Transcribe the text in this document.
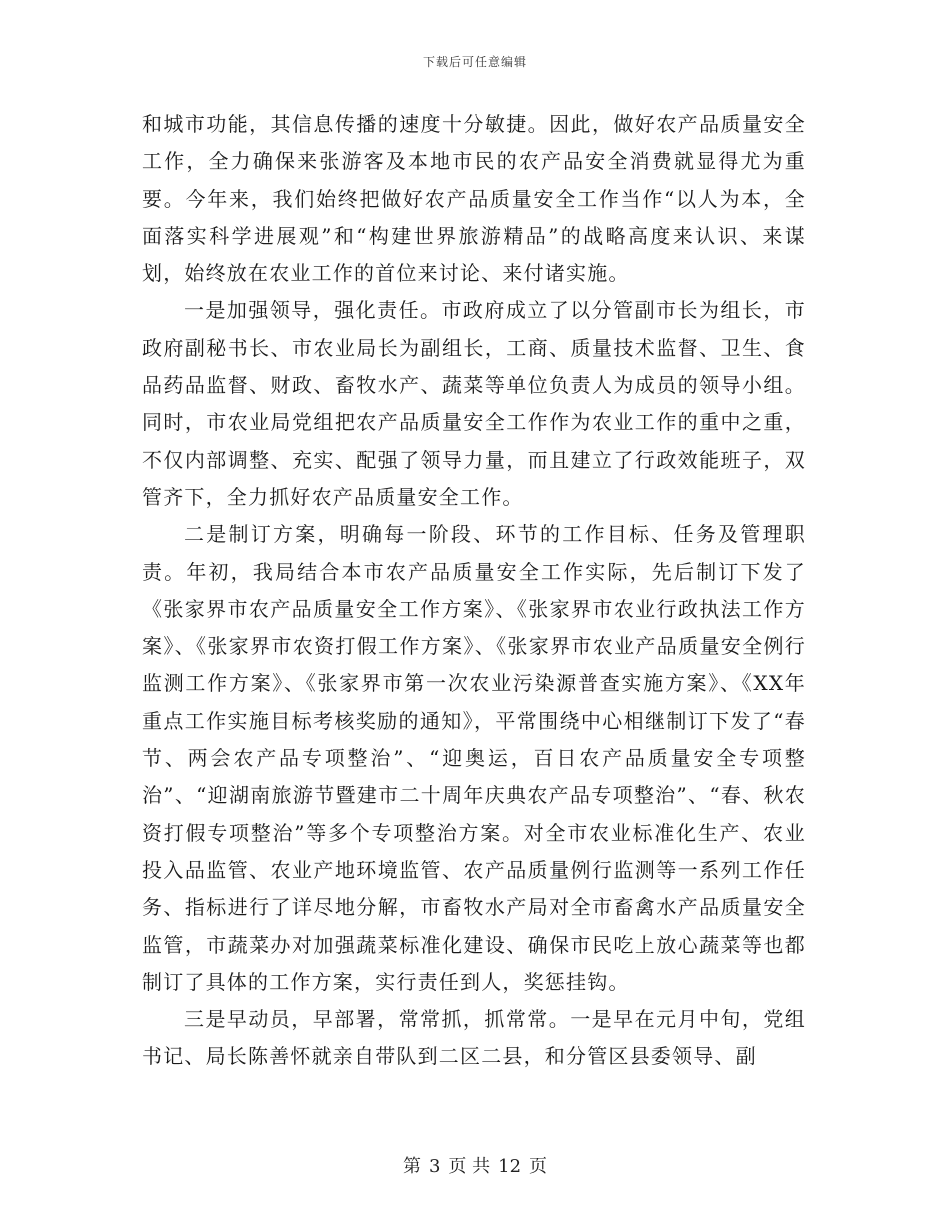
下载后可任意编辑

和城市功能，其信息传播的速度十分敏捷。因此，做好农产品质量安全工作，全力确保来张游客及本地市民的农产品安全消费就显得尤为重要。今年来，我们始终把做好农产品质量安全工作当作“以人为本，全面落实科学进展观”和“构建世界旅游精品”的战略高度来认识、来谋划，始终放在农业工作的首位来讨论、来付诸实施。

一是加强领导，强化责任。市政府成立了以分管副市长为组长，市政府副秘书长、市农业局长为副组长，工商、质量技术监督、卫生、食品药品监督、财政、畜牧水产、蔬菜等单位负责人为成员的领导小组。同时，市农业局党组把农产品质量安全工作作为农业工作的重中之重，不仅内部调整、充实、配强了领导力量，而且建立了行政效能班子，双管齐下，全力抓好农产品质量安全工作。

二是制订方案，明确每一阶段、环节的工作目标、任务及管理职责。年初，我局结合本市农产品质量安全工作实际，先后制订下发了《张家界市农产品质量安全工作方案》、《张家界市农业行政执法工作方案》、《张家界市农资打假工作方案》、《张家界市农业产品质量安全例行监测工作方案》、《张家界市第一次农业污染源普查实施方案》、《XX年重点工作实施目标考核奖励的通知》，平常围绕中心相继制订下发了“春节、两会农产品专项整治”、“迎奥运，百日农产品质量安全专项整治”、“迎湖南旅游节暨建市二十周年庆典农产品专项整治”、“春、秋农资打假专项整治”等多个专项整治方案。对全市农业标准化生产、农业投入品监管、农业产地环境监管、农产品质量例行监测等一系列工作任务、指标进行了详尽地分解，市畜牧水产局对全市畜禽水产品质量安全监管，市蔬菜办对加强蔬菜标准化建设、确保市民吃上放心蔬菜等也都制订了具体的工作方案，实行责任到人，奖惩挂钩。

三是早动员，早部署，常常抓，抓常常。一是早在元月中旬，党组书记、局长陈善怀就亲自带队到二区二县，和分管区县委领导、副

第 3 页 共 12 页
